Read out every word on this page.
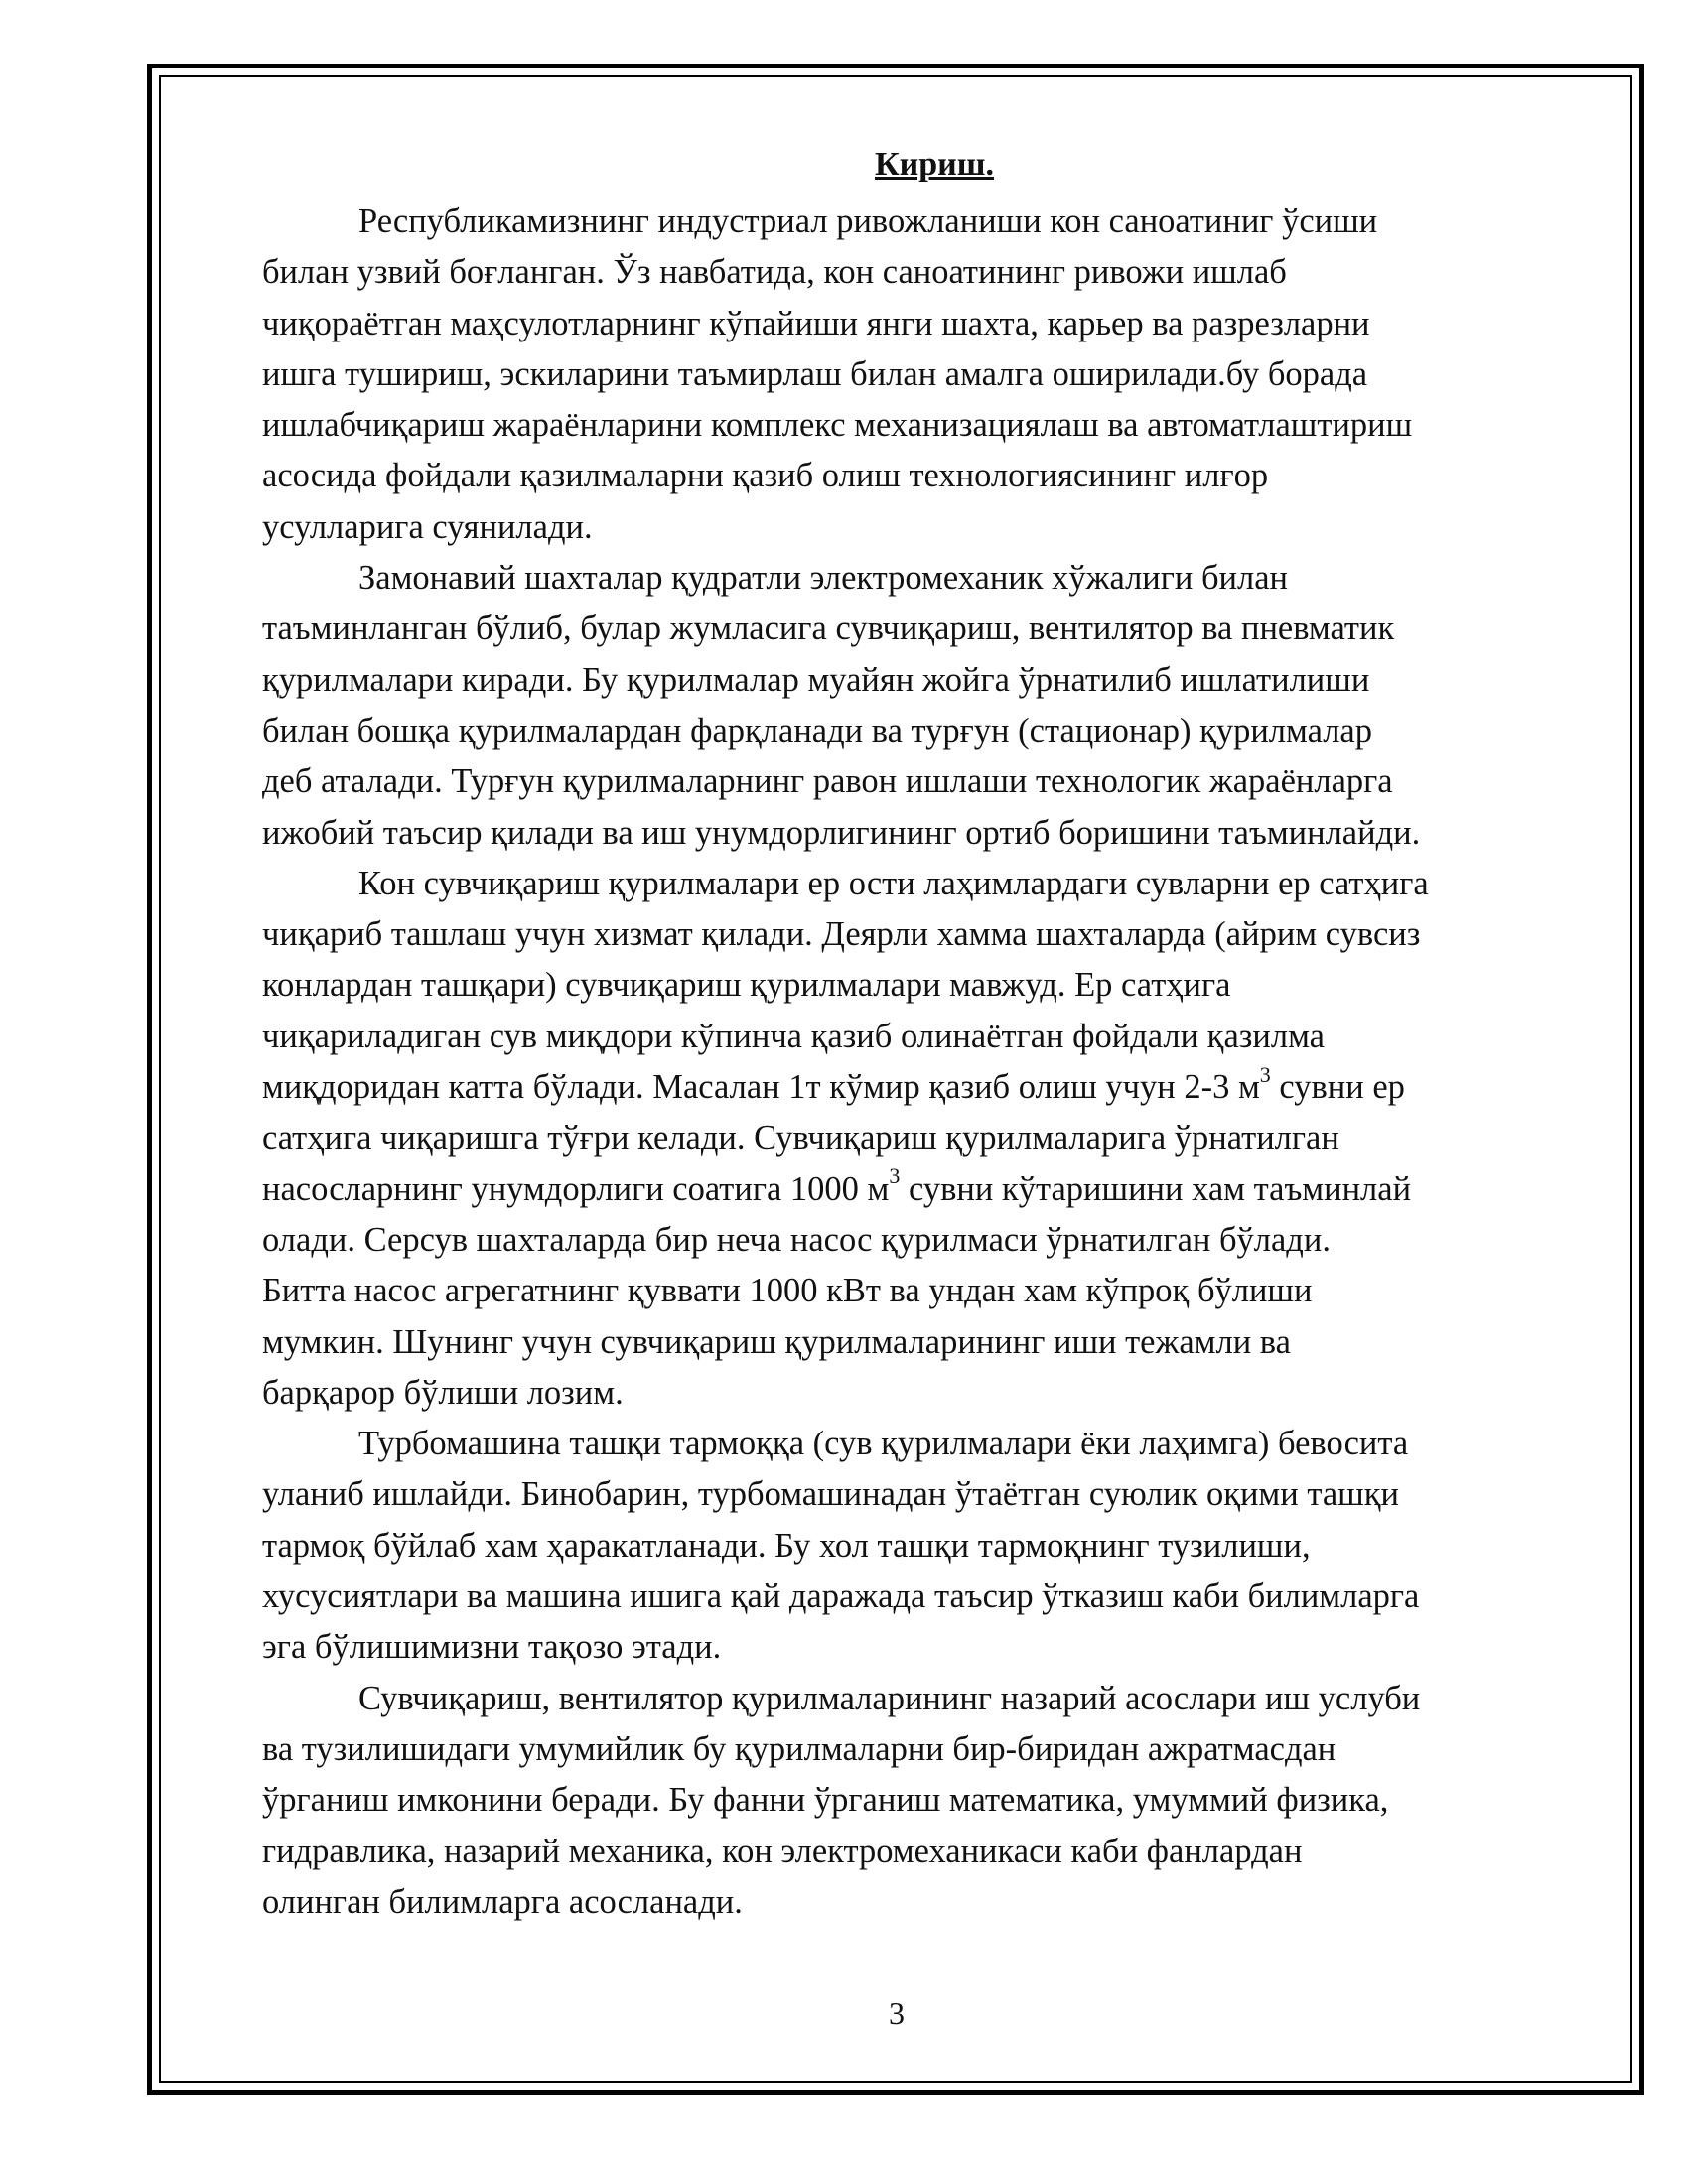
Кириш.

Республикамизнинг индустриал ривожланиши кон саноатиниг ўсиши
билан узвий боғланган. Ўз навбатида, кон саноатининг ривожи ишлаб
чиқораётган маҳсулотларнинг кўпайиши янги шахта, карьер ва разрезларни
ишга тушириш, эскиларини таъмирлаш билан амалга оширилади.бу борада
ишлабчиқариш жараёнларини комплекс механизациялаш ва автоматлаштириш
асосида фойдали қазилмаларни қазиб олиш технологиясининг илғор
усулларига суянилади.

Замонавий шахталар қудратли электромеханик хўжалиги билан
таъминланган бўлиб, булар жумласига сувчиқариш, вентилятор ва пневматик
қурилмалари киради. Бу қурилмалар муайян жойга ўрнатилиб ишлатилиши
билан бошқа қурилмалардан фарқланади ва турғун (стационар) қурилмалар
деб аталади. Турғун қурилмаларнинг равон ишлаши технологик жараёнларга
ижобий таъсир қилади ва иш унумдорлигининг ортиб боришини таъминлайди.

Кон сувчиқариш қурилмалари ер ости лаҳимлардаги сувларни ер сатҳига
чиқариб ташлаш учун хизмат қилади. Деярли хамма шахталарда (айрим сувсиз
конлардан ташқари) сувчиқариш қурилмалари мавжуд. Ер сатҳига
чиқариладиган сув миқдори кўпинча қазиб олинаётган фойдали қазилма
миқдоридан катта бўлади. Масалан 1т кўмир қазиб олиш учун 2-3 $м^3$ сувни ер
сатҳига чиқаришга тўғри келади. Сувчиқариш қурилмаларига ўрнатилган
насосларнинг унумдорлиги соатига 1000 $м^3$ сувни кўтаришини хам таъминлай
олади. Серсув шахталарда бир неча насос қурилмаси ўрнатилган бўлади.
Битта насос агрегатнинг қуввати 1000 кВт ва ундан хам кўпроқ бўлиши
мумкин. Шунинг учун сувчиқариш қурилмаларининг иши тежамли ва
барқарор бўлиши лозим.

Турбомашина ташқи тармоққа (сув қурилмалари ёки лаҳимга) бевосита
уланиб ишлайди. Бинобарин, турбомашинадан ўтаётган суюлик оқими ташқи
тармоқ бўйлаб хам ҳаракатланади. Бу хол ташқи тармоқнинг тузилиши,
хусусиятлари ва машина ишига қай даражада таъсир ўтказиш каби билимларга
эга бўлишимизни тақозо этади.

Сувчиқариш, вентилятор қурилмаларининг назарий асослари иш услуби
ва тузилишидаги умумийлик бу қурилмаларни бир-биридан ажратмасдан
ўрганиш имконини беради. Бу фанни ўрганиш математика, умуммий физика,
гидравлика, назарий механика, кон электромеханикаси каби фанлардан
олинган билимларга асосланади.

3
